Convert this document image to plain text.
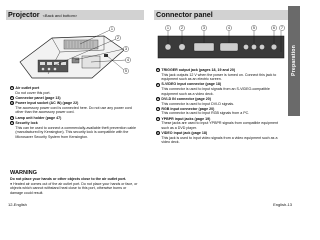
Projector <Back and bottom>
1
2
3
4
5
1 Air outlet port
Do not cover this port.
2 Connector panel (page 13)
3 Power input socket (AC IN) (page 22)
The accessory power cord is connected here. Do not use any power cord other than the accessory power cord.
4 Lamp unit holder (page 47)
5 Security lock
This can be used to connect a commercially-available theft prevention cable (manufactured by Kensington). This security lock is compatible with the Microsaver Security System from Kensington.
WARNING
Do not place your hands or other objects close to the air outlet port.
● Heated air comes out of the air outlet port. Do not place your hands or face, or objects which cannot withstand heat close to this port, otherwise burns or damage could result.
12-English
Connector panel
Preparation
1	2	3	4	5	6 7
1 TRIGGER output jack (pages 18, 19 and 20)
This jack outputs 12 V when the power is turned on. Connect this jack to equipment such as an electric screen.
2 S-VIDEO input connector (page 18)
This connector is used to input signals from an S-VIDEO-compatible equipment such as a video deck.
3 DVI-D IN connector (page 20)
This connector is used to input DVI-D signals.
4 RGB input connector (page 20)
This connector is used to input RGB signals from a PC.
5 YPBPR input jacks (page 19)
These jacks are used to input YPBPR signals from compatible equipment such as a DVD player.
6 VIDEO input jack (page 18)
This jack is used to input video signals from a video equipment such as a video deck.
English-13
